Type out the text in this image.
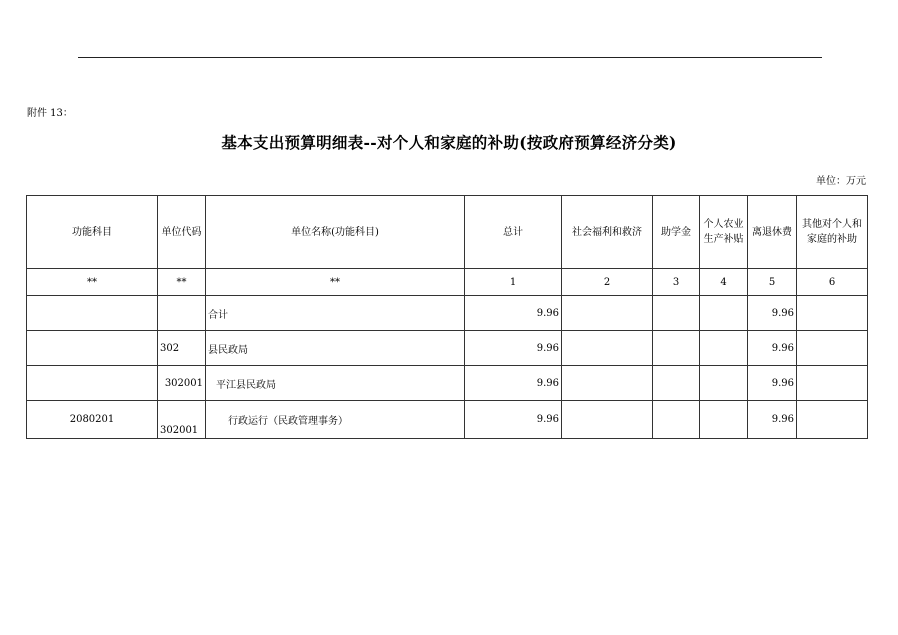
附件 13：
基本支出预算明细表--对个人和家庭的补助(按政府预算经济分类)
单位：万元
功能科目	单位代码	单位名称(功能科目)	总计	社会福利和救济	助学金	个人农业生产补贴	离退休费	其他对个人和家庭的补助
**	**	**	1	2	3	4	5	6
		合计	9.96				9.96	
	302	县民政局	9.96				9.96	
	302001	平江县民政局	9.96				9.96	
2080201	302001	行政运行（民政管理事务）	9.96				9.96	
